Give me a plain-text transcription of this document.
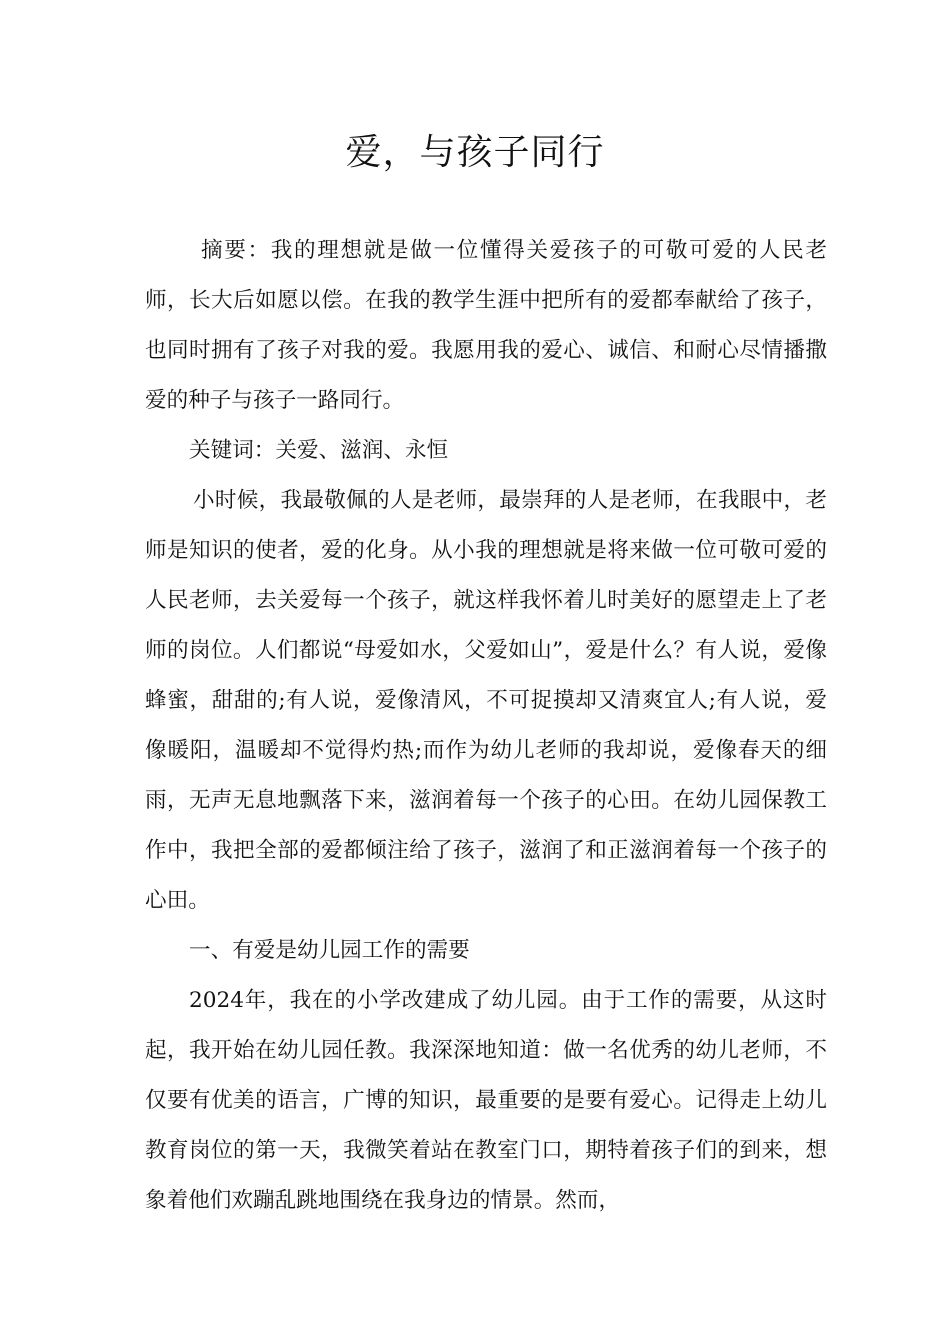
爱，与孩子同行

摘要：我的理想就是做一位懂得关爱孩子的可敬可爱的人民老师，长大后如愿以偿。在我的教学生涯中把所有的爱都奉献给了孩子，也同时拥有了孩子对我的爱。我愿用我的爱心、诚信、和耐心尽情播撒爱的种子与孩子一路同行。

关键词：关爱、滋润、永恒

小时候，我最敬佩的人是老师，最崇拜的人是老师，在我眼中，老师是知识的使者，爱的化身。从小我的理想就是将来做一位可敬可爱的人民老师，去关爱每一个孩子，就这样我怀着儿时美好的愿望走上了老师的岗位。人们都说“母爱如水，父爱如山”，爱是什么？有人说，爱像蜂蜜，甜甜的;有人说，爱像清风，不可捉摸却又清爽宜人;有人说，爱像暖阳，温暖却不觉得灼热;而作为幼儿老师的我却说，爱像春天的细雨，无声无息地飘落下来，滋润着每一个孩子的心田。在幼儿园保教工作中，我把全部的爱都倾注给了孩子，滋润了和正滋润着每一个孩子的心田。

一、有爱是幼儿园工作的需要

2024年，我在的小学改建成了幼儿园。由于工作的需要，从这时起，我开始在幼儿园任教。我深深地知道：做一名优秀的幼儿老师，不仅要有优美的语言，广博的知识，最重要的是要有爱心。记得走上幼儿教育岗位的第一天，我微笑着站在教室门口，期特着孩子们的到来，想象着他们欢蹦乱跳地围绕在我身边的情景。然而，
